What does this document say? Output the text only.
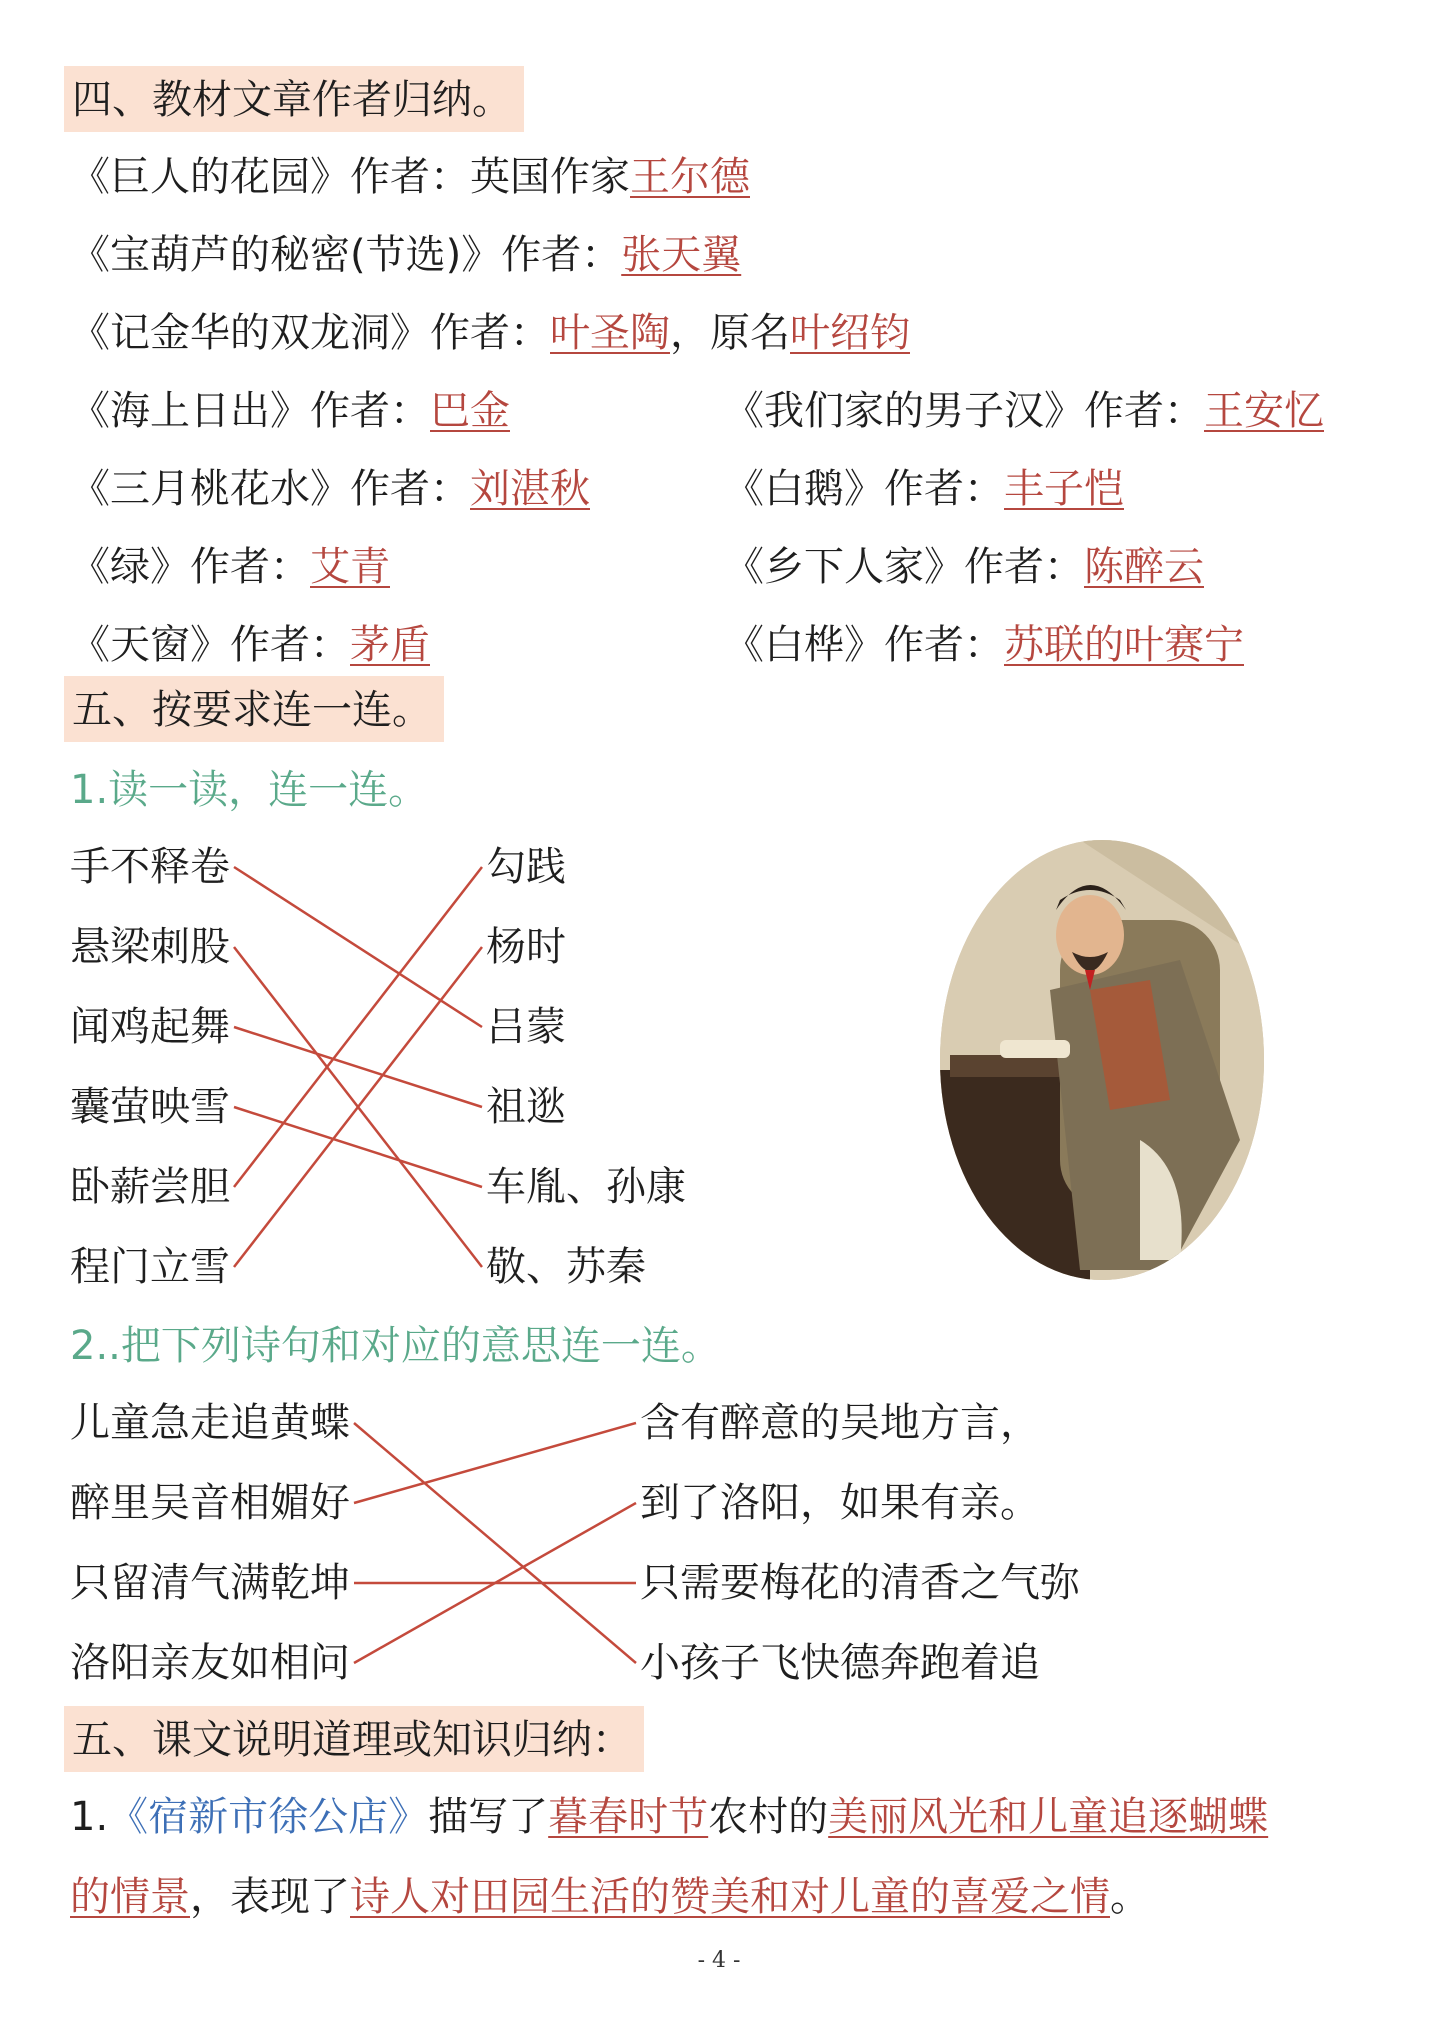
四、教材文章作者归纳。
《巨人的花园》作者：英国作家王尔德
《宝葫芦的秘密(节选)》作者：张天翼
《记金华的双龙洞》作者：叶圣陶，原名叶绍钧
《海上日出》作者：巴金
《三月桃花水》作者：刘湛秋
《绿》作者：艾青
《天窗》作者：茅盾
《我们家的男子汉》作者：王安忆
《白鹅》作者：丰子恺
《乡下人家》作者：陈醉云
《白桦》作者：苏联的叶赛宁
五、按要求连一连。
1.读一读，连一连。
手不释卷
悬梁刺股
闻鸡起舞
囊萤映雪
卧薪尝胆
程门立雪
勾践
杨时
吕蒙
祖逖
车胤、孙康
敬、苏秦
2..把下列诗句和对应的意思连一连。
儿童急走追黄蝶
醉里吴音相媚好
只留清气满乾坤
洛阳亲友如相问
含有醉意的吴地方言，
到了洛阳，如果有亲。
只需要梅花的清香之气弥
小孩子飞快德奔跑着追
五、课文说明道理或知识归纳：
1.《宿新市徐公店》描写了暮春时节农村的美丽风光和儿童追逐蝴蝶
的情景，表现了诗人对田园生活的赞美和对儿童的喜爱之情。
- 4 -
